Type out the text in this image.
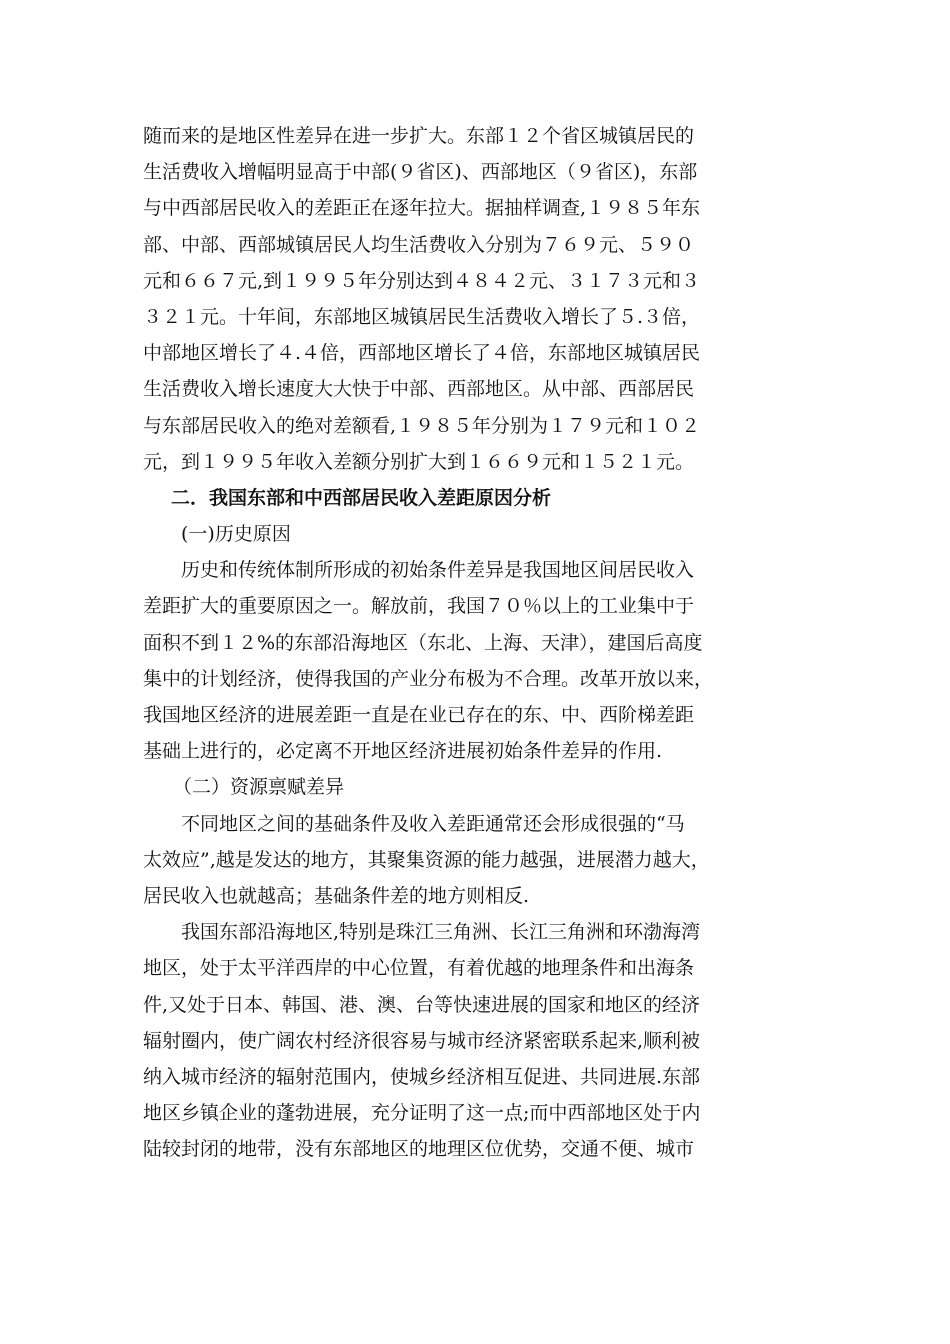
随而来的是地区性差异在进一步扩大。东部１２个省区城镇居民的
生活费收入增幅明显高于中部(９省区)、西部地区（９省区)，东部
与中西部居民收入的差距正在逐年拉大。据抽样调查,１９８５年东
部、中部、西部城镇居民人均生活费收入分别为７６９元、５９０
元和６６７元,到１９９５年分别达到４８４２元、３１７３元和３
３２１元。十年间，东部地区城镇居民生活费收入增长了５.３倍，
中部地区增长了４.４倍，西部地区增长了４倍，东部地区城镇居民
生活费收入增长速度大大快于中部、西部地区。从中部、西部居民
与东部居民收入的绝对差额看,１９８５年分别为１７９元和１０２
元，到１９９５年收入差额分别扩大到１６６９元和１５２１元。
二．我国东部和中西部居民收入差距原因分析
(一)历史原因
历史和传统体制所形成的初始条件差异是我国地区间居民收入
差距扩大的重要原因之一。解放前，我国７０％以上的工业集中于
面积不到１２%的东部沿海地区（东北、上海、天津），建国后高度
集中的计划经济，使得我国的产业分布极为不合理。改革开放以来，
我国地区经济的进展差距一直是在业已存在的东、中、西阶梯差距
基础上进行的，必定离不开地区经济进展初始条件差异的作用.
（二）资源禀赋差异
不同地区之间的基础条件及收入差距通常还会形成很强的“马
太效应”,越是发达的地方，其聚集资源的能力越强，进展潜力越大，
居民收入也就越高；基础条件差的地方则相反.
我国东部沿海地区,特别是珠江三角洲、长江三角洲和环渤海湾
地区，处于太平洋西岸的中心位置，有着优越的地理条件和出海条
件,又处于日本、韩国、港、澳、台等快速进展的国家和地区的经济
辐射圈内，使广阔农村经济很容易与城市经济紧密联系起来,顺利被
纳入城市经济的辐射范围内，使城乡经济相互促进、共同进展.东部
地区乡镇企业的蓬勃进展，充分证明了这一点;而中西部地区处于内
陆较封闭的地带，没有东部地区的地理区位优势，交通不便、城市
